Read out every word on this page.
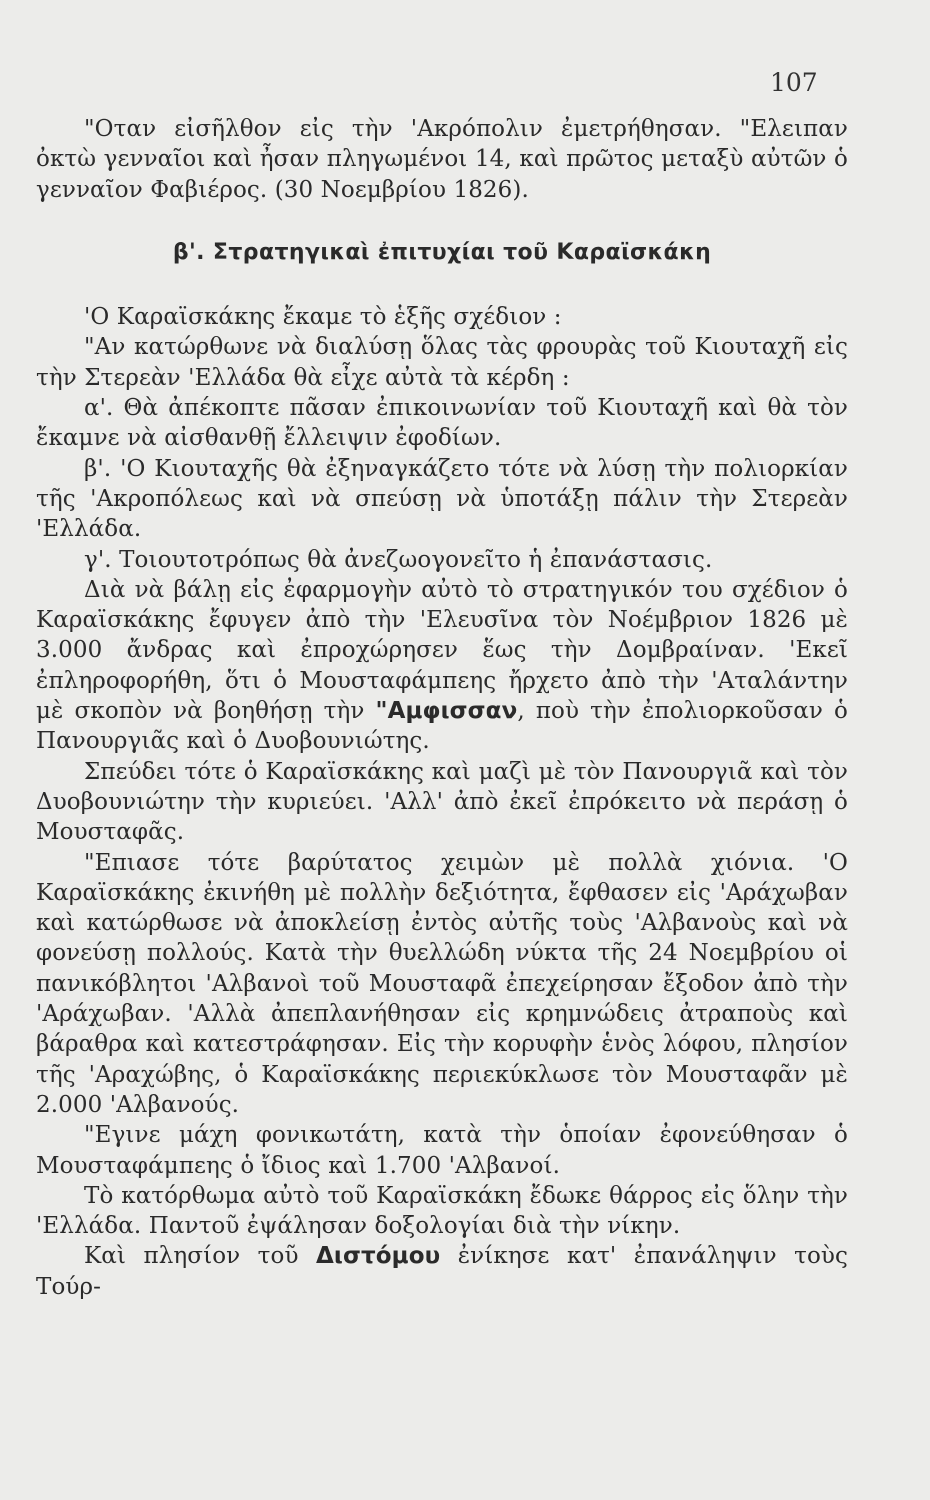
107

"Οταν εἰσῆλθον εἰς τὴν 'Ακρόπολιν ἐμετρήθησαν. "Ελειπαν ὀκτὼ γενναῖοι καὶ ἦσαν πληγωμένοι 14, καὶ πρῶτος μεταξὺ αὐτῶν ὁ γενναῖον Φαβιέρος. (30 Νοεμβρίου 1826).

β'. Στρατηγικαὶ ἐπιτυχίαι τοῦ Καραϊσκάκη

'Ο Καραϊσκάκης ἔκαμε τὸ ἑξῆς σχέδιον :

"Αν κατώρθωνε νὰ διαλύσῃ ὅλας τὰς φρουρὰς τοῦ Κιουταχῆ εἰς τὴν Στερεὰν 'Ελλάδα θὰ εἶχε αὐτὰ τὰ κέρδη :

α'. Θὰ ἀπέκοπτε πᾶσαν ἐπικοινωνίαν τοῦ Κιουταχῆ καὶ θὰ τὸν ἔκαμνε νὰ αἰσθανθῇ ἔλλειψιν ἐφοδίων.

β'. 'Ο Κιουταχῆς θὰ ἐξηναγκάζετο τότε νὰ λύσῃ τὴν πολιορκίαν τῆς 'Ακροπόλεως καὶ νὰ σπεύσῃ νὰ ὑποτάξῃ πάλιν τὴν Στερεὰν 'Ελλάδα.

γ'. Τοιουτοτρόπως θὰ ἀνεζωογονεῖτο ἡ ἐπανάστασις.

Διὰ νὰ βάλῃ εἰς ἐφαρμογὴν αὐτὸ τὸ στρατηγικόν του σχέδιον ὁ Καραϊσκάκης ἔφυγεν ἀπὸ τὴν 'Ελευσῖνα τὸν Νοέμβριον 1826 μὲ 3.000 ἄνδρας καὶ ἐπροχώρησεν ἕως τὴν Δομβραίναν. 'Εκεῖ ἐπληροφορήθη, ὅτι ὁ Μουσταφάμπεης ἤρχετο ἀπὸ τὴν 'Αταλάντην μὲ σκοπὸν νὰ βοηθήσῃ τὴν "Αμφισσαν, ποὺ τὴν ἐπολιορκοῦσαν ὁ Πανουργιᾶς καὶ ὁ Δυοβουνιώτης.

Σπεύδει τότε ὁ Καραϊσκάκης καὶ μαζὶ μὲ τὸν Πανουργιᾶ καὶ τὸν Δυοβουνιώτην τὴν κυριεύει. 'Αλλ' ἀπὸ ἐκεῖ ἐπρόκειτο νὰ περάσῃ ὁ Μουσταφᾶς.

"Επιασε τότε βαρύτατος χειμὼν μὲ πολλὰ χιόνια. 'Ο Καραϊσκάκης ἐκινήθη μὲ πολλὴν δεξιότητα, ἔφθασεν εἰς 'Αράχωβαν καὶ κατώρθωσε νὰ ἀποκλείσῃ ἐντὸς αὐτῆς τοὺς 'Αλβανοὺς καὶ νὰ φονεύσῃ πολλούς. Κατὰ τὴν θυελλώδη νύκτα τῆς 24 Νοεμβρίου οἱ πανικόβλητοι 'Αλβανοὶ τοῦ Μουσταφᾶ ἐπεχείρησαν ἔξοδον ἀπὸ τὴν 'Αράχωβαν. 'Αλλὰ ἀπεπλανήθησαν εἰς κρημνώδεις ἀτραποὺς καὶ βάραθρα καὶ κατεστράφησαν. Εἰς τὴν κορυφὴν ἑνὸς λόφου, πλησίον τῆς 'Αραχώβης, ὁ Καραϊσκάκης περιεκύκλωσε τὸν Μουσταφᾶν μὲ 2.000 'Αλβανούς.

"Εγινε μάχη φονικωτάτη, κατὰ τὴν ὁποίαν ἐφονεύθησαν ὁ Μουσταφάμπεης ὁ ἴδιος καὶ 1.700 'Αλβανοί.

Τὸ κατόρθωμα αὐτὸ τοῦ Καραϊσκάκη ἔδωκε θάρρος εἰς ὅλην τὴν 'Ελλάδα. Παντοῦ ἐψάλησαν δοξολογίαι διὰ τὴν νίκην.

Καὶ πλησίον τοῦ Διστόμου ἐνίκησε κατ' ἐπανάληψιν τοὺς Τούρ-
